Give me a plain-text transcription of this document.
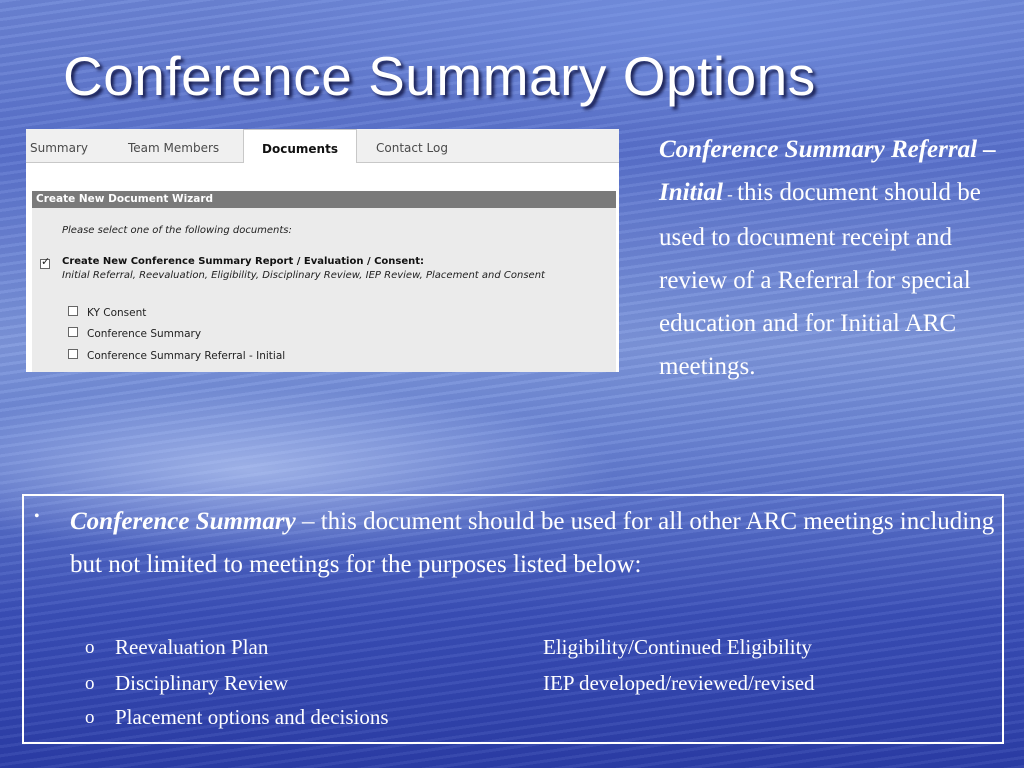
Conference Summary Options
Summary	Team Members	Documents	Contact Log
Create New Document Wizard
Please select one of the following documents:
✓
Create New Conference Summary Report / Evaluation / Consent:
Initial Referral, Reevaluation, Eligibility, Disciplinary Review, IEP Review, Placement and Consent
KY Consent
Conference Summary
Conference Summary Referral - Initial

Conference Summary Referral – Initial - this document should be used to document receipt and review of a Referral for special education and for Initial ARC meetings.

• Conference Summary – this document should be used for all other ARC meetings including but not limited to meetings for the purposes listed below:

o Reevaluation Plan	Eligibility/Continued Eligibility
o Disciplinary Review	IEP developed/reviewed/revised
o Placement options and decisions
